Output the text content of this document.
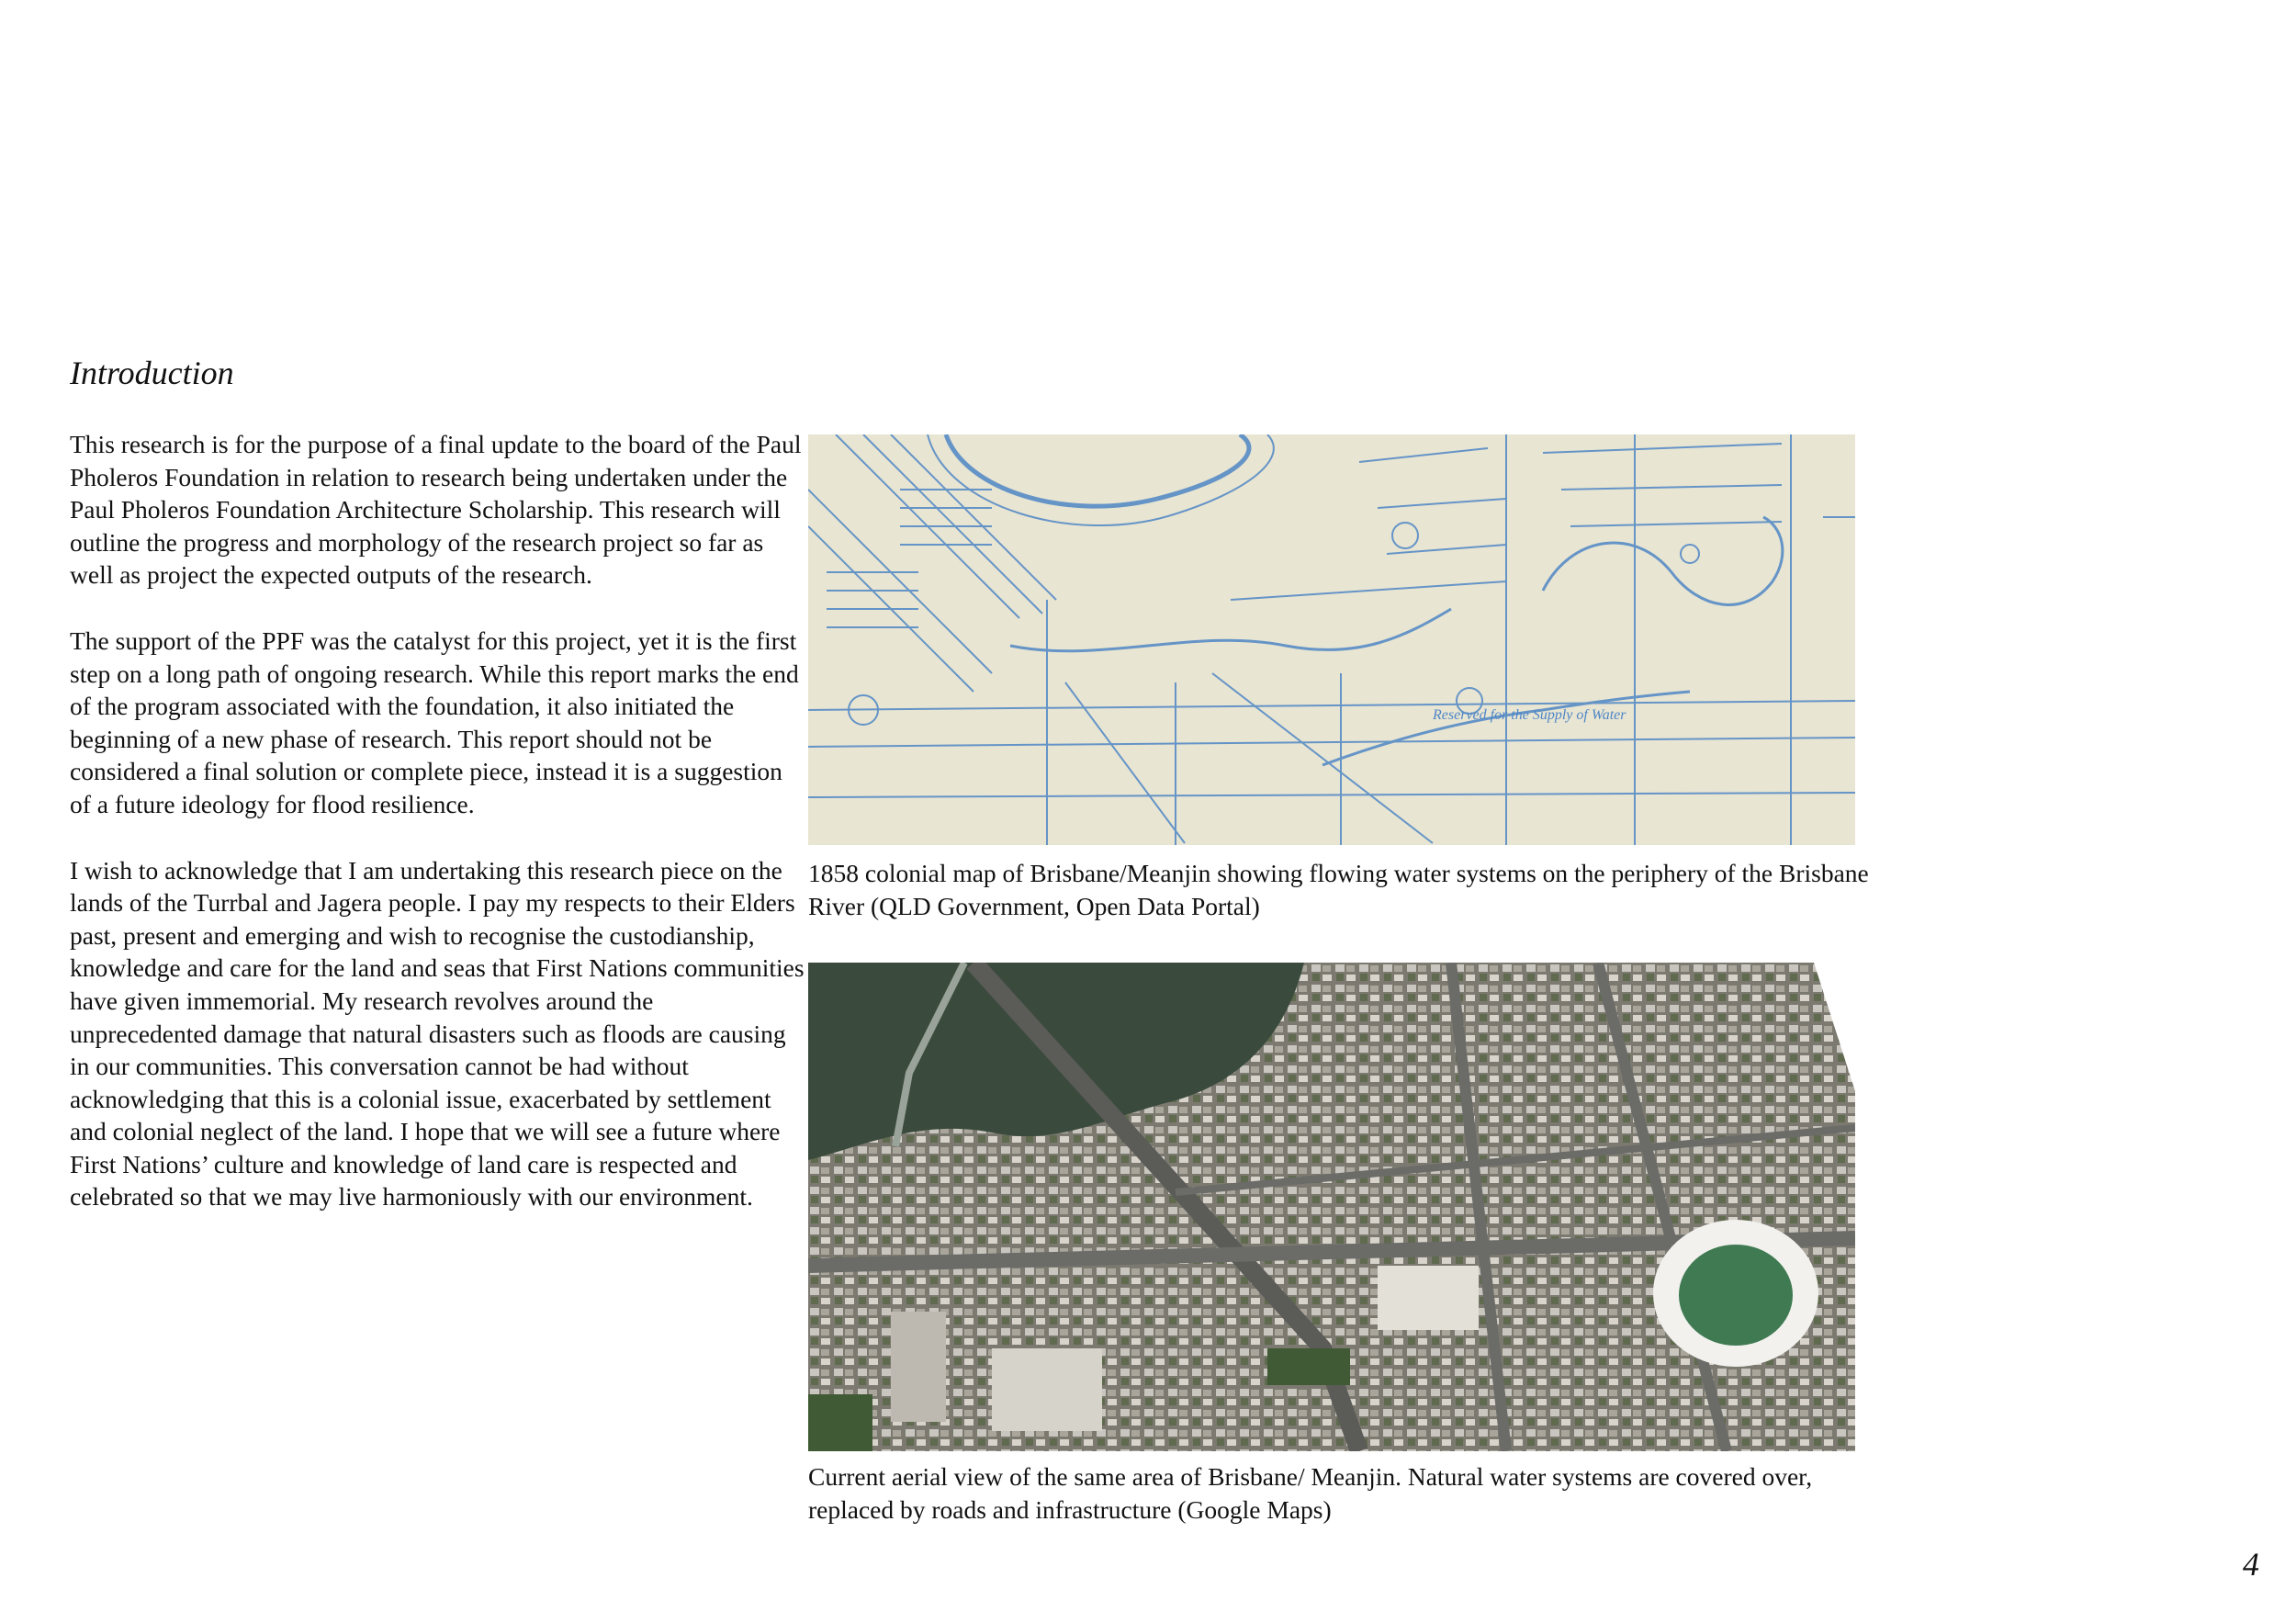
Introduction

This research is for the purpose of a final update to the board of the Paul Pholeros Foundation in relation to research being undertaken under the Paul Pholeros Foundation Architecture Scholarship. This research will outline the progress and morphology of the research project so far as well as project the expected outputs of the research.

The support of the PPF was the catalyst for this project, yet it is the first step on a long path of ongoing research. While this report marks the end of the program associated with the foundation, it also initiated the beginning of a new phase of research. This report should not be considered a final solution or complete piece, instead it is a suggestion of a future ideology for flood resilience.

I wish to acknowledge that I am undertaking this research piece on the lands of the Turrbal and Jagera people. I pay my respects to their Elders past, present and emerging and wish to recognise the custodianship, knowledge and care for the land and seas that First Nations communities have given immemorial. My research revolves around the unprecedented damage that natural disasters such as floods are causing in our communities. This conversation cannot be had without acknowledging that this is a colonial issue, exacerbated by settlement and colonial neglect of the land. I hope that we will see a future where First Nations’ culture and knowledge of land care is respected and celebrated so that we may live harmoniously with our environment.

Reserved for the Supply of Water
1858 colonial map of Brisbane/Meanjin showing flowing water systems on the periphery of the Brisbane River (QLD Government, Open Data Portal)
Current aerial view of the same area of Brisbane/ Meanjin. Natural water systems are covered over, replaced by roads and infrastructure (Google Maps)
4
